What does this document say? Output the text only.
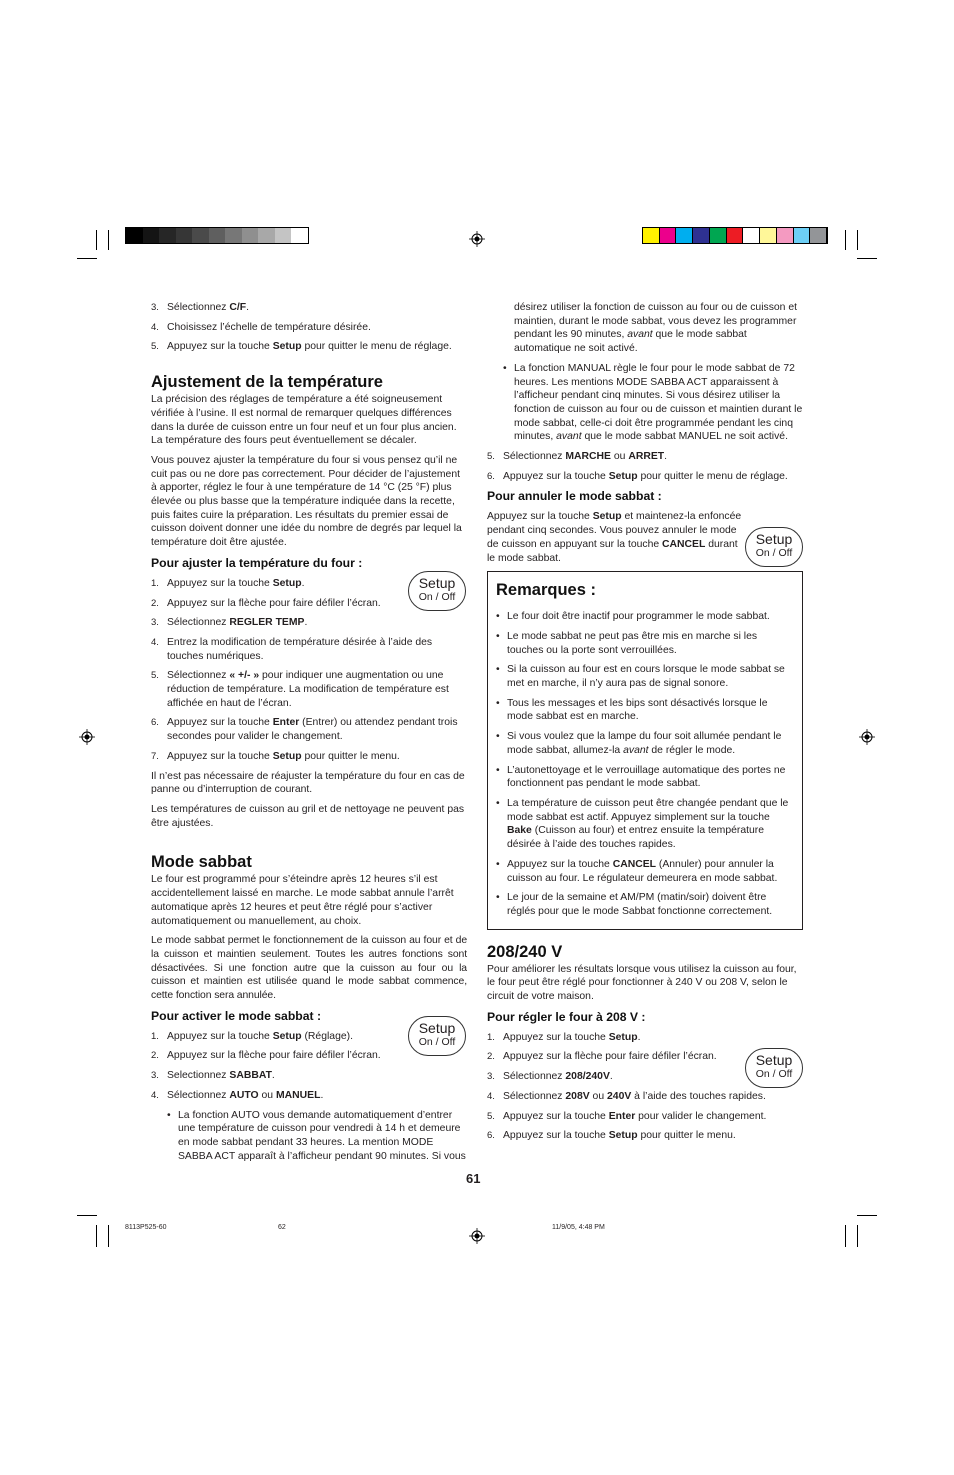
3. Sélectionnez C/F.
4. Choisissez l’échelle de température désirée.
5. Appuyez sur la touche Setup pour quitter le menu de réglage.
Ajustement de la température
La précision des réglages de température a été soigneusement vérifiée à l’usine. Il est normal de remarquer quelques différences dans la durée de cuisson entre un four neuf et un four plus ancien. La température des fours peut éventuellement se décaler.
Vous pouvez ajuster la température du four si vous pensez qu’il ne cuit pas ou ne dore pas correctement. Pour décider de l’ajustement à apporter, réglez le four à une température de 14 °C (25 °F) plus élevée ou plus basse que la température indiquée dans la recette, puis faites cuire la préparation. Les résultats du premier essai de cuisson doivent donner une idée du nombre de degrés par lequel la température doit être ajustée.
Pour ajuster la température du four :
1. Appuyez sur la touche Setup.
2. Appuyez sur la flèche pour faire défiler l’écran.
3. Sélectionnez REGLER TEMP.
4. Entrez la modification de température désirée à l’aide des touches numériques.
5. Sélectionnez « +/- » pour indiquer une augmentation ou une réduction de température. La modification de température est affichée en haut de l’écran.
6. Appuyez sur la touche Enter (Entrer) ou attendez pendant trois secondes pour valider le changement.
7. Appuyez sur la touche Setup pour quitter le menu.
Il n’est pas nécessaire de réajuster la température du four en cas de panne ou d’interruption de courant.
Les températures de cuisson au gril et de nettoyage ne peuvent pas être ajustées.
Mode sabbat
Le four est programmé pour s’éteindre après 12 heures s’il est accidentellement laissé en marche. Le mode sabbat annule l’arrêt automatique après 12 heures et peut être réglé pour s’activer automatiquement ou manuellement, au choix.
Le mode sabbat permet le fonctionnement de la cuisson au four et de la cuisson et maintien seulement. Toutes les autres fonctions sont désactivées. Si une fonction autre que la cuisson au four ou la cuisson et maintien est utilisée quand le mode sabbat commence, cette fonction sera annulée.
Pour activer le mode sabbat :
1. Appuyez sur la touche Setup (Réglage).
2. Appuyez sur la flèche pour faire défiler l’écran.
3. Selectionnez SABBAT.
4. Sélectionnez AUTO ou MANUEL.
• La fonction AUTO vous demande automatiquement d’entrer une température de cuisson pour vendredi à 14 h et demeure en mode sabbat pendant 33 heures. La mention MODE SABBA ACT apparaît à l’afficheur pendant 90 minutes. Si vous
désirez utiliser la fonction de cuisson au four ou de cuisson et maintien, durant le mode sabbat, vous devez les programmer pendant les 90 minutes, avant que le mode sabbat automatique ne soit activé.
• La fonction MANUAL règle le four pour le mode sabbat de 72 heures. Les mentions MODE SABBA ACT apparaissent à l’afficheur pendant cinq minutes. Si vous désirez utiliser la fonction de cuisson au four ou de cuisson et maintien durant le mode sabbat, celle-ci doit être programmée pendant les cinq minutes, avant que le mode sabbat MANUEL ne soit activé.
5. Sélectionnez MARCHE ou ARRET.
6. Appuyez sur la touche Setup pour quitter le menu de réglage.
Pour annuler le mode sabbat :
Appuyez sur la touche Setup et maintenez-la enfoncée pendant cinq secondes. Vous pouvez annuler le mode de cuisson en appuyant sur la touche CANCEL durant le mode sabbat.
Remarques :
• Le four doit être inactif pour programmer le mode sabbat.
• Le mode sabbat ne peut pas être mis en marche si les touches ou la porte sont verrouillées.
• Si la cuisson au four est en cours lorsque le mode sabbat se met en marche, il n’y aura pas de signal sonore.
• Tous les messages et les bips sont désactivés lorsque le mode sabbat est en marche.
• Si vous voulez que la lampe du four soit allumée pendant le mode sabbat, allumez-la avant de régler le mode.
• L’autonettoyage et le verrouillage automatique des portes ne fonctionnent pas pendant le mode sabbat.
• La température de cuisson peut être changée pendant que le mode sabbat est actif. Appuyez simplement sur la touche Bake (Cuisson au four) et entrez ensuite la température désirée à l’aide des touches rapides.
• Appuyez sur la touche CANCEL (Annuler) pour annuler la cuisson au four. Le régulateur demeurera en mode sabbat.
• Le jour de la semaine et AM/PM (matin/soir) doivent être réglés pour que le mode Sabbat fonctionne correctement.
208/240 V
Pour améliorer les résultats lorsque vous utilisez la cuisson au four, le four peut être réglé pour fonctionner à 240 V ou 208 V, selon le circuit de votre maison.
Pour régler le four à 208 V :
1. Appuyez sur la touche Setup.
2. Appuyez sur la flèche pour faire défiler l’écran.
3. Sélectionnez 208/240V.
4. Sélectionnez 208V ou 240V à l’aide des touches rapides.
5. Appuyez sur la touche Enter pour valider le changement.
6. Appuyez sur la touche Setup pour quitter le menu.
Setup
On / Off
Setup
On / Off
Setup
On / Off
Setup
On / Off
61
8113P525-60	62	11/9/05, 4:48 PM
